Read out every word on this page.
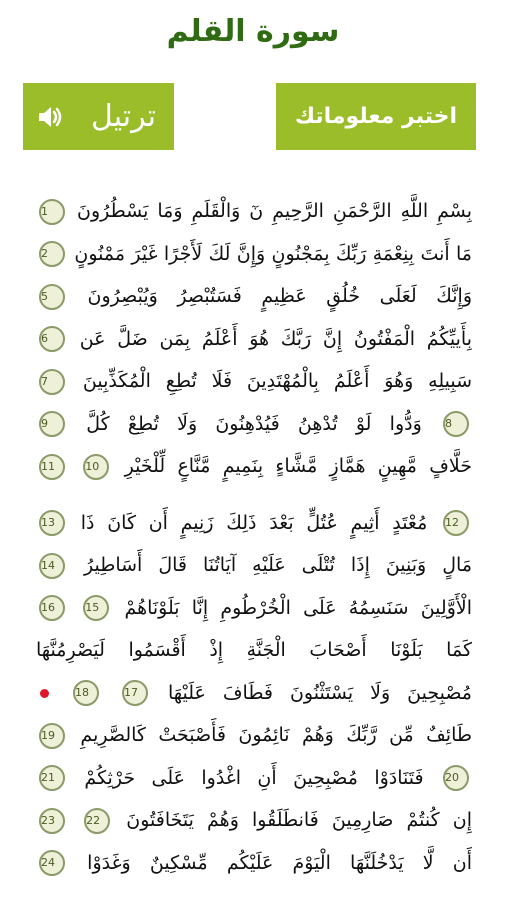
سورة القلم
اختبر معلوماتك
ترتيل
بِسْمِ اللَّهِ الرَّحْمَنِ الرَّحِيمِ نٓ وَالْقَلَمِ وَمَا يَسْطُرُونَ 1
مَا أَنتَ بِنِعْمَةِ رَبِّكَ بِمَجْنُونٍ وَإِنَّ لَكَ لَأَجْرًا غَيْرَ مَمْنُونٍ 2
وَإِنَّكَ لَعَلَى خُلُقٍ عَظِيمٍ فَسَتُبْصِرُ وَيُبْصِرُونَ 5
بِأَييِّكُمُ الْمَفْتُونُ إِنَّ رَبَّكَ هُوَ أَعْلَمُ بِمَن ضَلَّ عَن 6
سَبِيلِهِ وَهُوَ أَعْلَمُ بِالْمُهْتَدِينَ فَلَا تُطِعِ الْمُكَذِّبِينَ 7
8 وَدُّوا لَوْ تُدْهِنُ فَيُدْهِنُونَ وَلَا تُطِعْ كُلَّ 9
حَلَّافٍ مَّهِينٍ هَمَّازٍ مَّشَّاءٍ بِنَمِيمٍ مَّنَّاعٍ لِّلْخَيْرِ 10 11
12 مُعْتَدٍ أَثِيمٍ عُتُلٍّ بَعْدَ ذَلِكَ زَنِيمٍ أَن كَانَ ذَا 13
مَالٍ وَبَنِينَ إِذَا تُتْلَى عَلَيْهِ آيَاتُنَا قَالَ أَسَاطِيرُ 14
الْأَوَّلِينَ سَنَسِمُهُ عَلَى الْخُرْطُومِ إِنَّا بَلَوْنَاهُمْ 15 16
كَمَا بَلَوْنَا أَصْحَابَ الْجَنَّةِ إِذْ أَقْسَمُوا لَيَصْرِمُنَّهَا
مُصْبِحِينَ وَلَا يَسْتَثْنُونَ فَطَافَ عَلَيْهَا 17 18
طَائِفٌ مِّن رَّبِّكَ وَهُمْ نَائِمُونَ فَأَصْبَحَتْ كَالصَّرِيمِ 19
20 فَتَنَادَوْا مُصْبِحِينَ أَنِ اغْدُوا عَلَى حَرْثِكُمْ 21
إِن كُنتُمْ صَارِمِينَ فَانطَلَقُوا وَهُمْ يَتَخَافَتُونَ 22 23
أَن لَّا يَدْخُلَنَّهَا الْيَوْمَ عَلَيْكُم مِّسْكِينٌ وَغَدَوْا 24
